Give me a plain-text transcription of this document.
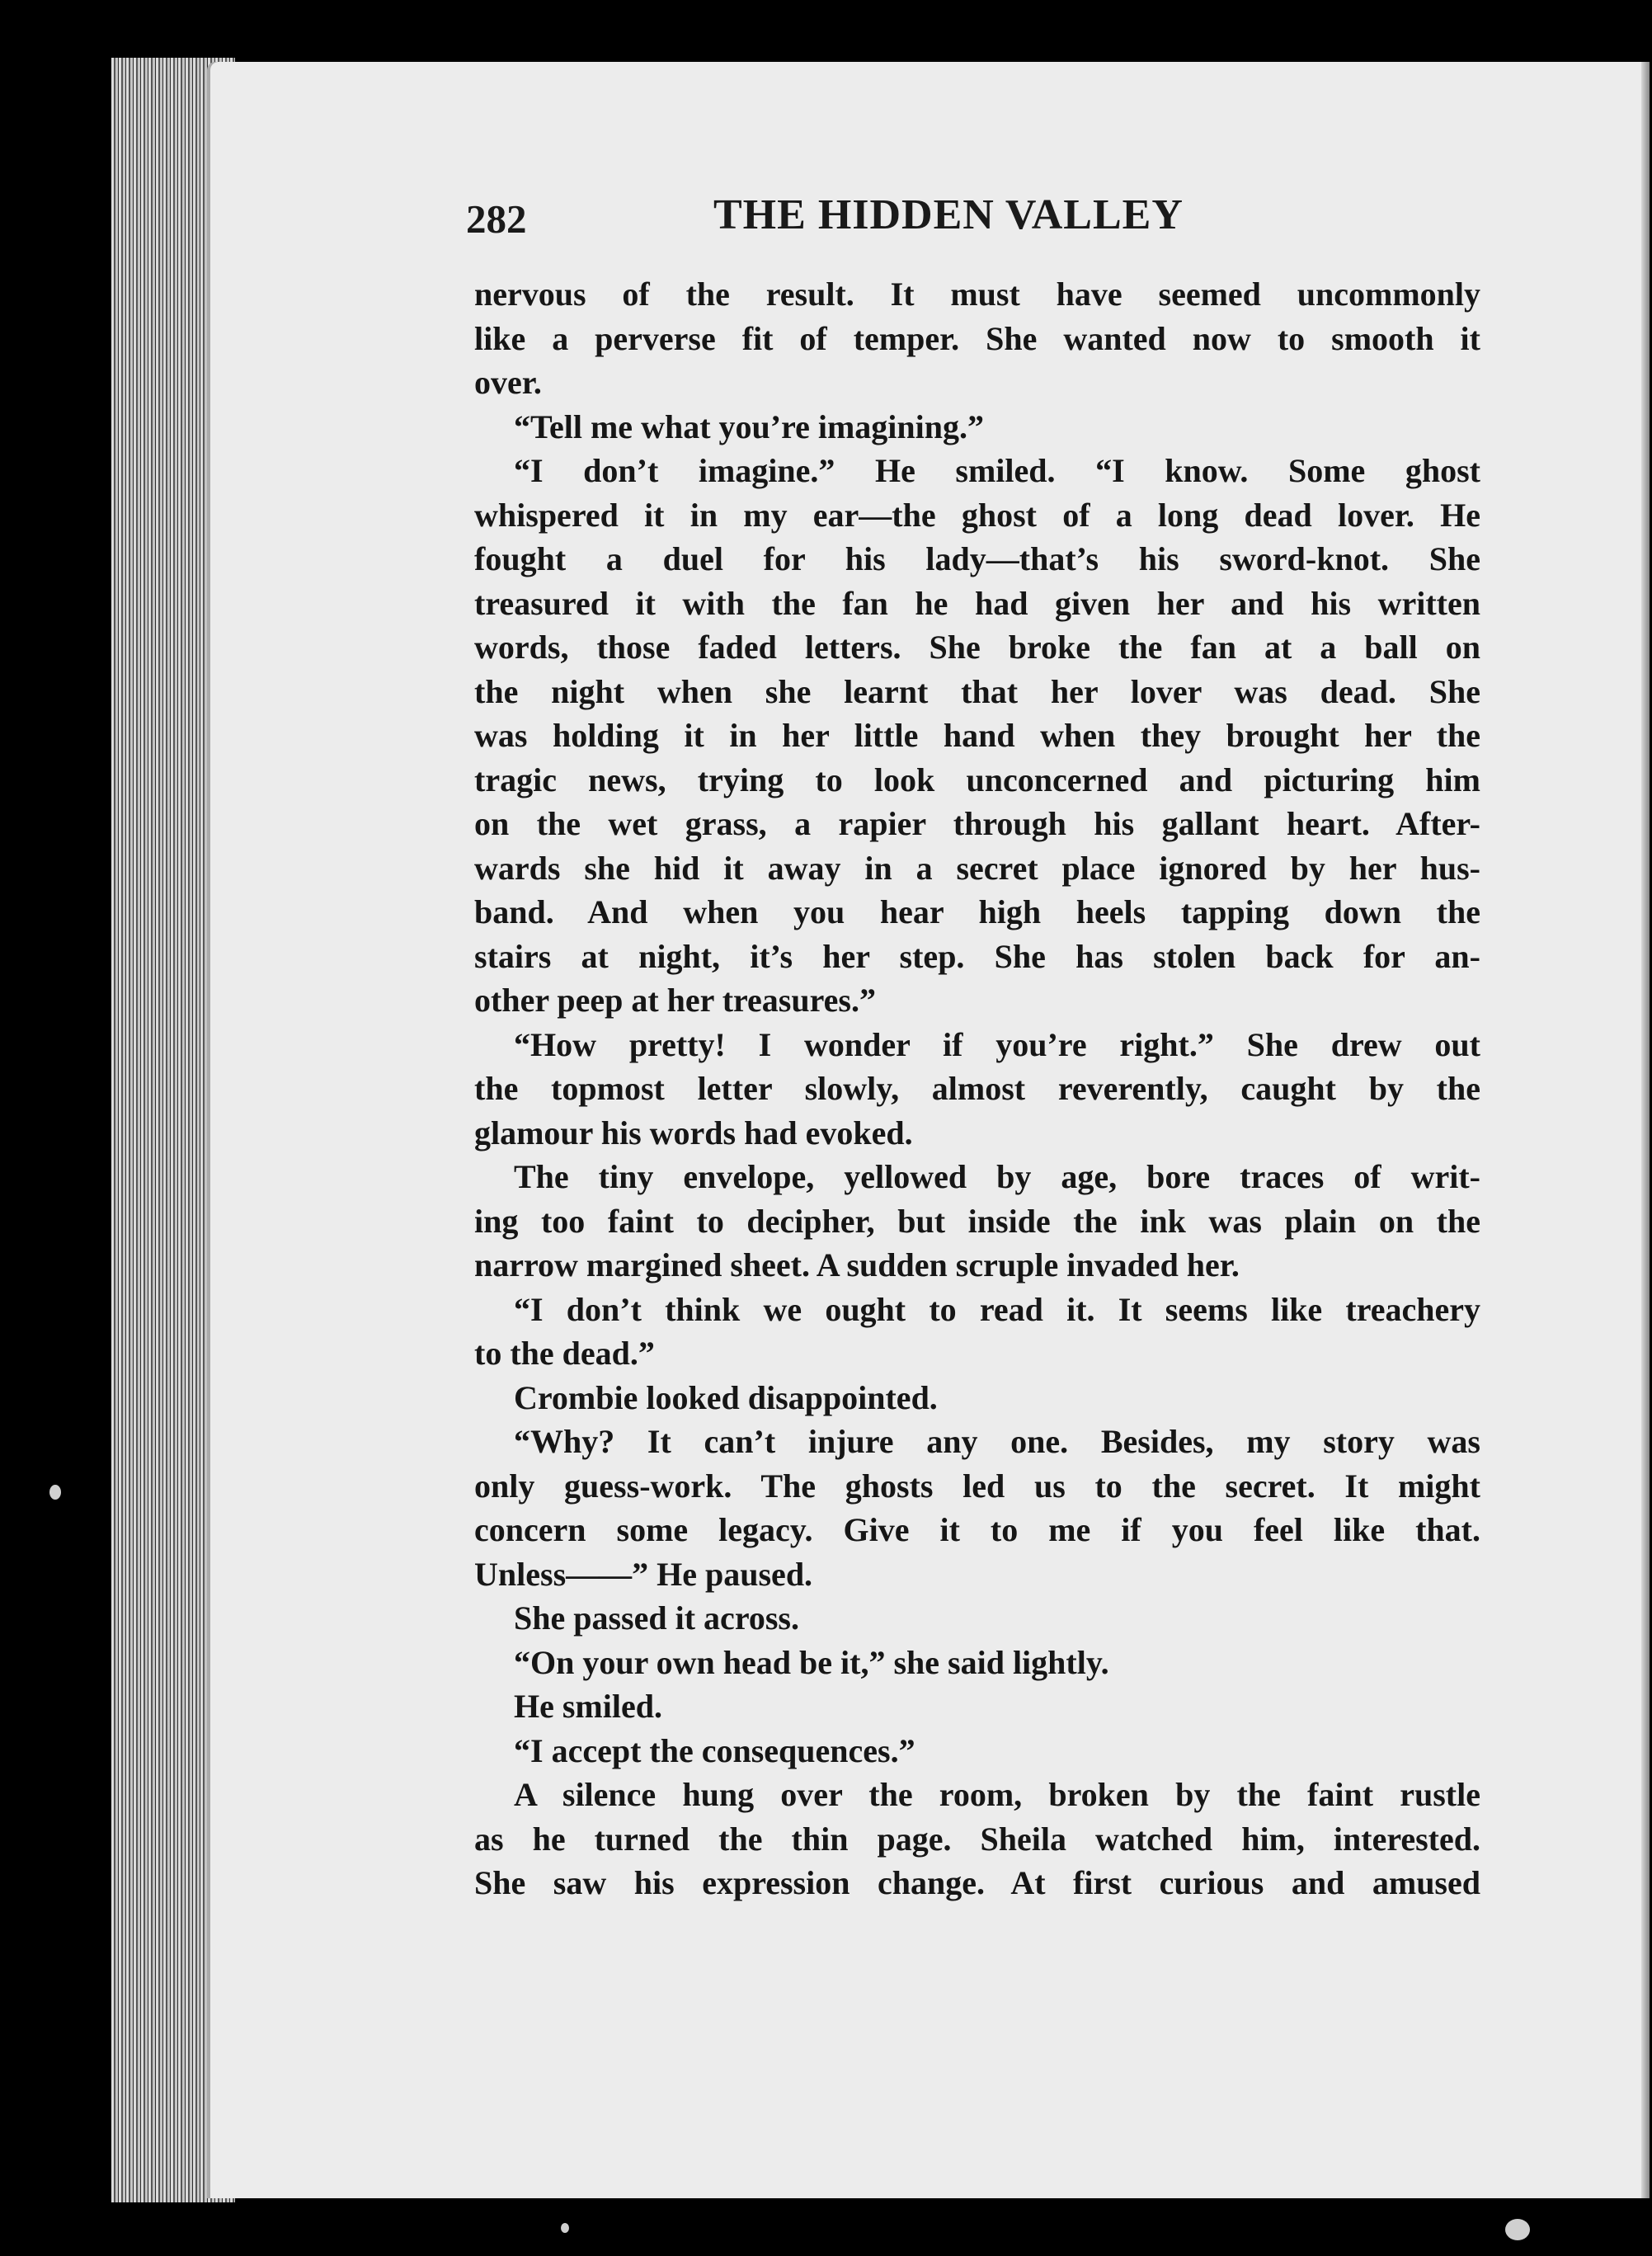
282	THE HIDDEN VALLEY
nervous of the result. It must have seemed uncommonly
like a perverse fit of temper. She wanted now to smooth it
over.
“Tell me what you’re imagining.”
“I don’t imagine.” He smiled. “I know. Some ghost
whispered it in my ear—the ghost of a long dead lover. He
fought a duel for his lady—that’s his sword-knot. She
treasured it with the fan he had given her and his written
words, those faded letters. She broke the fan at a ball on
the night when she learnt that her lover was dead. She
was holding it in her little hand when they brought her the
tragic news, trying to look unconcerned and picturing him
on the wet grass, a rapier through his gallant heart. After-
wards she hid it away in a secret place ignored by her hus-
band. And when you hear high heels tapping down the
stairs at night, it’s her step. She has stolen back for an-
other peep at her treasures.”
“How pretty! I wonder if you’re right.” She drew out
the topmost letter slowly, almost reverently, caught by the
glamour his words had evoked.
The tiny envelope, yellowed by age, bore traces of writ-
ing too faint to decipher, but inside the ink was plain on the
narrow margined sheet. A sudden scruple invaded her.
“I don’t think we ought to read it. It seems like treachery
to the dead.”
Crombie looked disappointed.
“Why? It can’t injure any one. Besides, my story was
only guess-work. The ghosts led us to the secret. It might
concern some legacy. Give it to me if you feel like that.
Unless——” He paused.
She passed it across.
“On your own head be it,” she said lightly.
He smiled.
“I accept the consequences.”
A silence hung over the room, broken by the faint rustle
as he turned the thin page. Sheila watched him, interested.
She saw his expression change. At first curious and amused
